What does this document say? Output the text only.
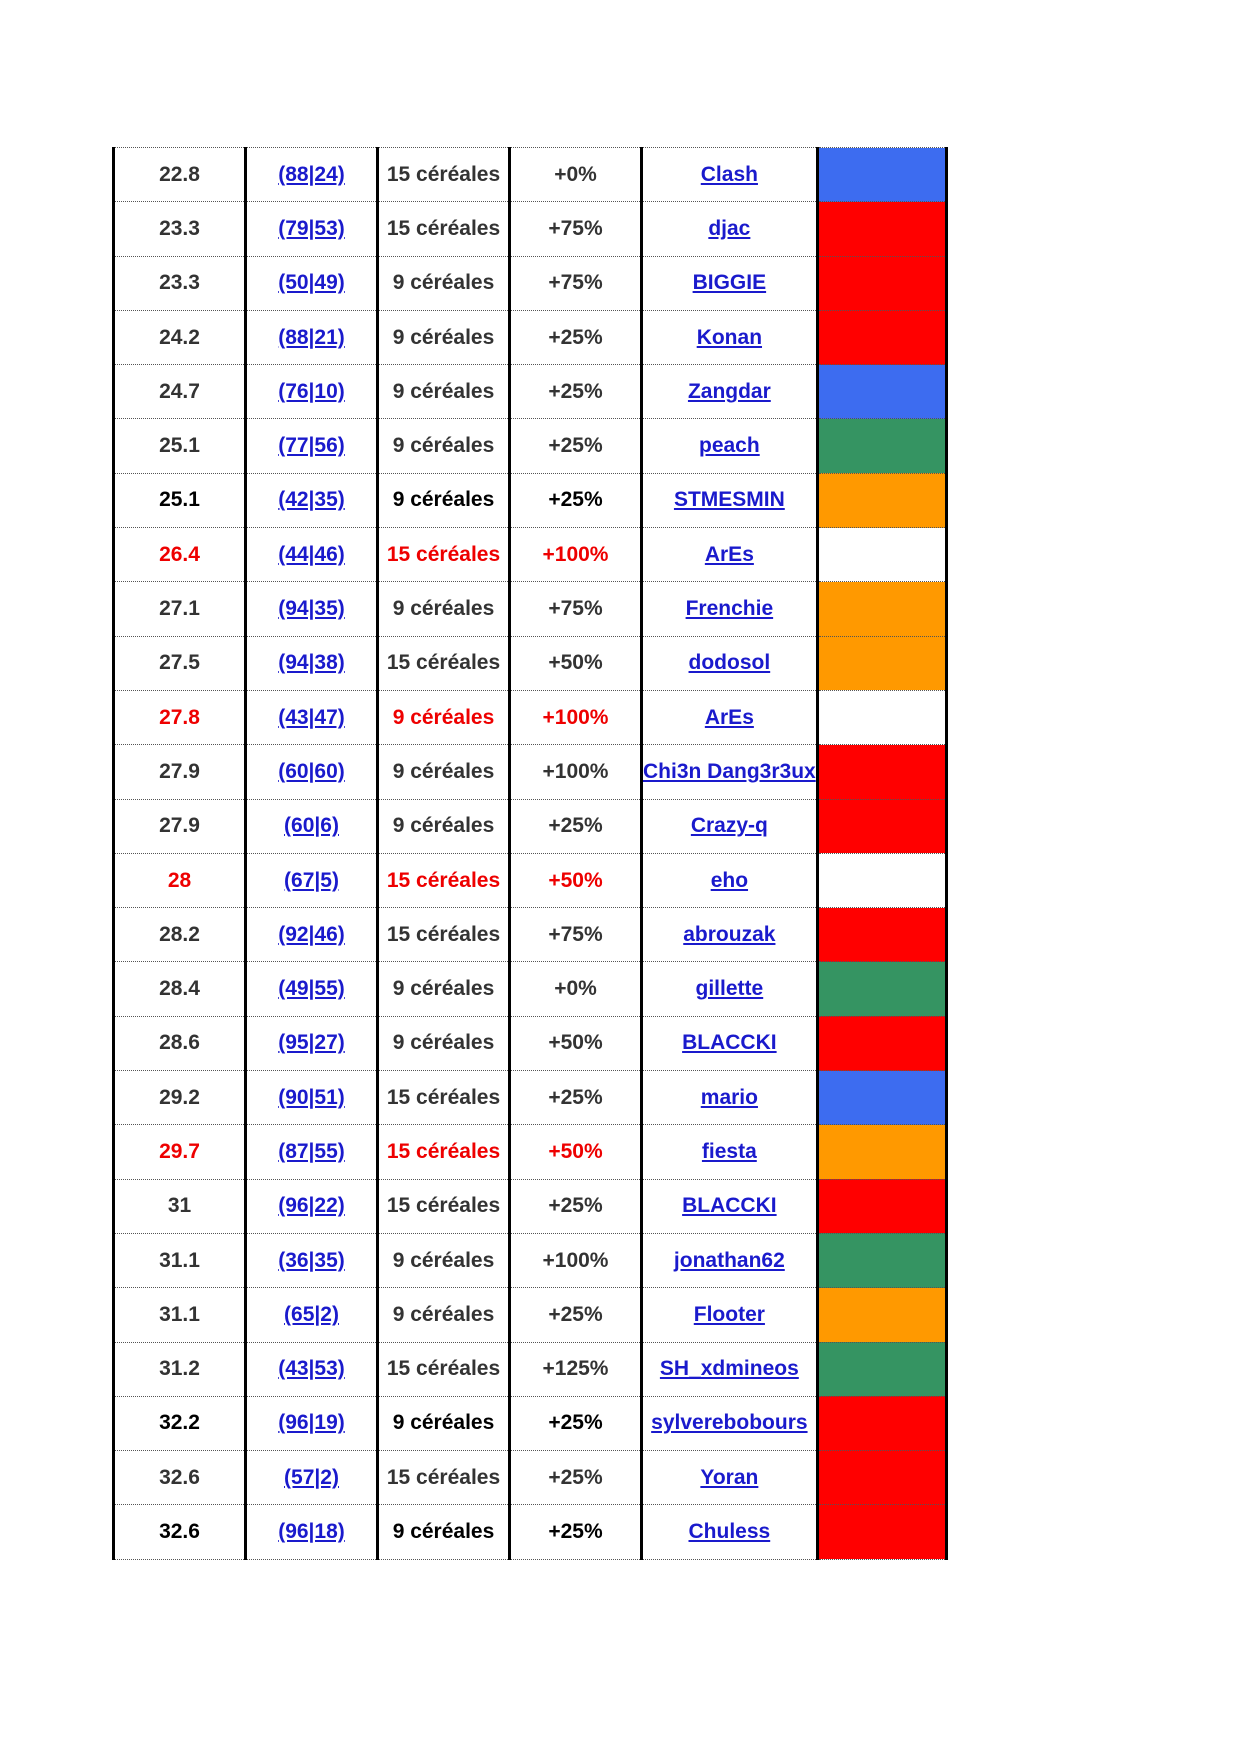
22.8	(88|24)	15 céréales	+0%	Clash	
23.3	(79|53)	15 céréales	+75%	djac	
23.3	(50|49)	9 céréales	+75%	BIGGIE	
24.2	(88|21)	9 céréales	+25%	Konan	
24.7	(76|10)	9 céréales	+25%	Zangdar	
25.1	(77|56)	9 céréales	+25%	peach	
25.1	(42|35)	9 céréales	+25%	STMESMIN	
26.4	(44|46)	15 céréales	+100%	ArEs	
27.1	(94|35)	9 céréales	+75%	Frenchie	
27.5	(94|38)	15 céréales	+50%	dodosol	
27.8	(43|47)	9 céréales	+100%	ArEs	
27.9	(60|60)	9 céréales	+100%	Chi3n Dang3r3ux	
27.9	(60|6)	9 céréales	+25%	Crazy-q	
28	(67|5)	15 céréales	+50%	eho	
28.2	(92|46)	15 céréales	+75%	abrouzak	
28.4	(49|55)	9 céréales	+0%	gillette	
28.6	(95|27)	9 céréales	+50%	BLACCKI	
29.2	(90|51)	15 céréales	+25%	mario	
29.7	(87|55)	15 céréales	+50%	fiesta	
31	(96|22)	15 céréales	+25%	BLACCKI	
31.1	(36|35)	9 céréales	+100%	jonathan62	
31.1	(65|2)	9 céréales	+25%	Flooter	
31.2	(43|53)	15 céréales	+125%	SH_xdmineos	
32.2	(96|19)	9 céréales	+25%	sylverebobours	
32.6	(57|2)	15 céréales	+25%	Yoran	
32.6	(96|18)	9 céréales	+25%	Chuless	
